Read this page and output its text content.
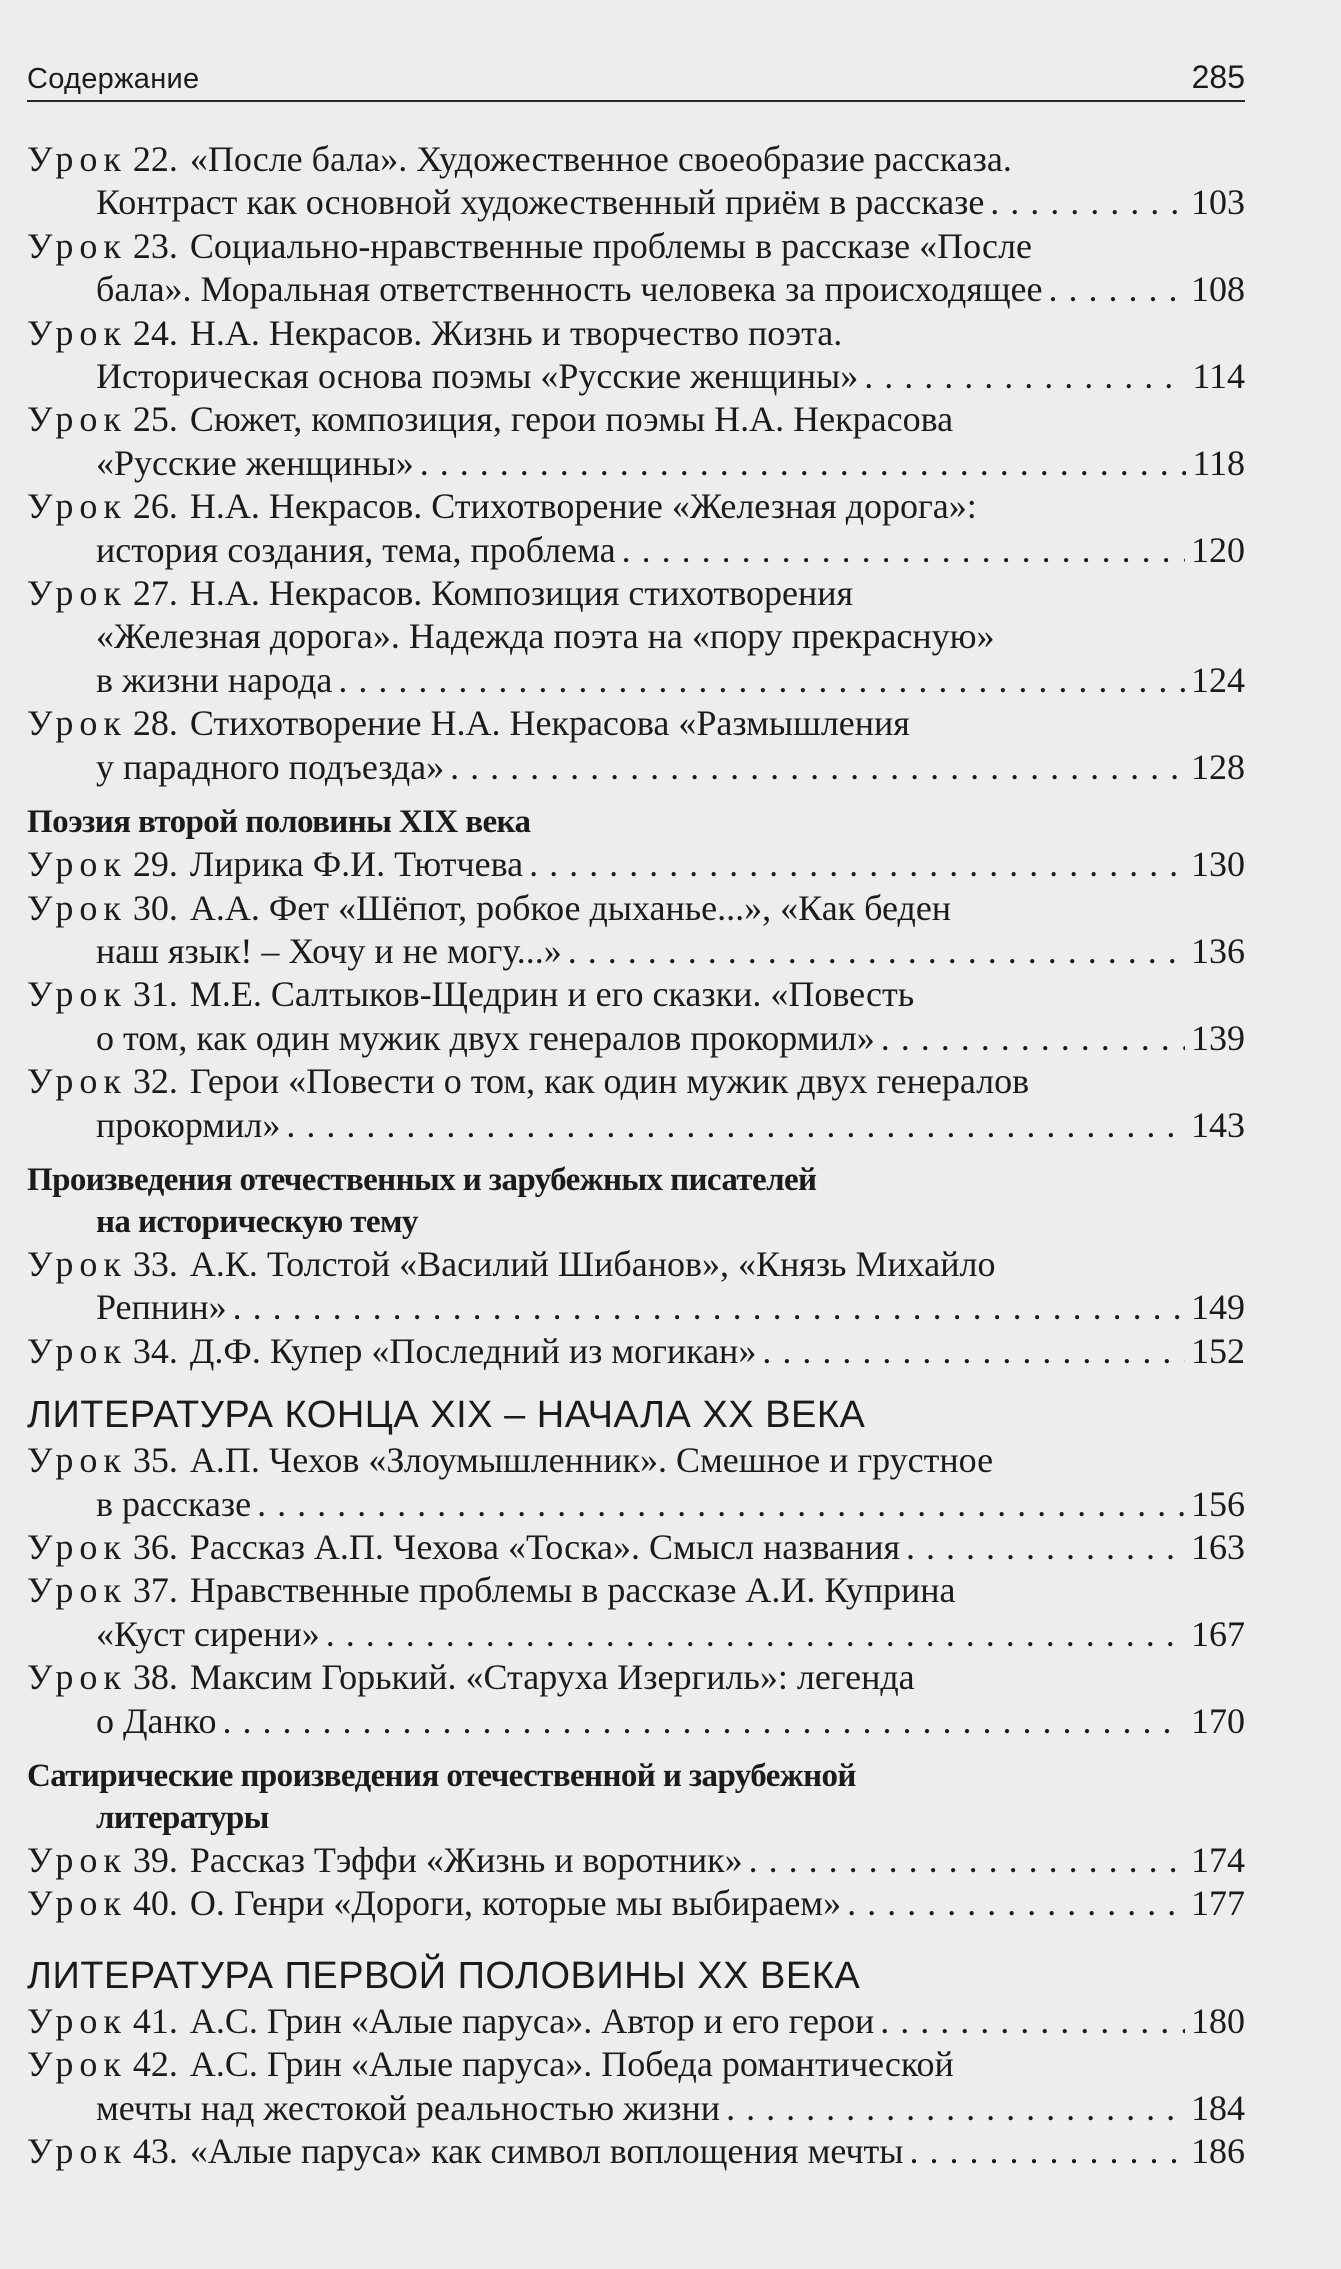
Содержание	285
Урок 22. «После бала». Художественное своеобразие рассказа.
Контраст как основной художественный приём в рассказе . . .	103
Урок 23. Социально-нравственные проблемы в рассказе «После
бала». Моральная ответственность человека за происходящее . . .	108
Урок 24. Н.А. Некрасов. Жизнь и творчество поэта.
Историческая основа поэмы «Русские женщины» . . .	114
Урок 25. Сюжет, композиция, герои поэмы Н.А. Некрасова
«Русские женщины» . . .	118
Урок 26. Н.А. Некрасов. Стихотворение «Железная дорога»:
история создания, тема, проблема . . .	120
Урок 27. Н.А. Некрасов. Композиция стихотворения
«Железная дорога». Надежда поэта на «пору прекрасную»
в жизни народа . . .	124
Урок 28. Стихотворение Н.А. Некрасова «Размышления
у парадного подъезда» . . .	128
Поэзия второй половины XIX века
Урок 29. Лирика Ф.И. Тютчева . . .	130
Урок 30. А.А. Фет «Шёпот, робкое дыханье...», «Как беден
наш язык! – Хочу и не могу...» . . .	136
Урок 31. М.Е. Салтыков-Щедрин и его сказки. «Повесть
о том, как один мужик двух генералов прокормил» . . .	139
Урок 32. Герои «Повести о том, как один мужик двух генералов
прокормил» . . .	143
Произведения отечественных и зарубежных писателей
на историческую тему
Урок 33. А.К. Толстой «Василий Шибанов», «Князь Михайло
Репнин» . . .	149
Урок 34. Д.Ф. Купер «Последний из могикан» . . .	152
ЛИТЕРАТУРА КОНЦА XIX – НАЧАЛА XX ВЕКА
Урок 35. А.П. Чехов «Злоумышленник». Смешное и грустное
в рассказе . . .	156
Урок 36. Рассказ А.П. Чехова «Тоска». Смысл названия . . .	163
Урок 37. Нравственные проблемы в рассказе А.И. Куприна
«Куст сирени» . . .	167
Урок 38. Максим Горький. «Старуха Изергиль»: легенда
о Данко . . .	170
Сатирические произведения отечественной и зарубежной
литературы
Урок 39. Рассказ Тэффи «Жизнь и воротник» . . .	174
Урок 40. О. Генри «Дороги, которые мы выбираем» . . .	177
ЛИТЕРАТУРА ПЕРВОЙ ПОЛОВИНЫ XX ВЕКА
Урок 41. А.С. Грин «Алые паруса». Автор и его герои . . .	180
Урок 42. А.С. Грин «Алые паруса». Победа романтической
мечты над жестокой реальностью жизни . . .	184
Урок 43. «Алые паруса» как символ воплощения мечты . . .	186
